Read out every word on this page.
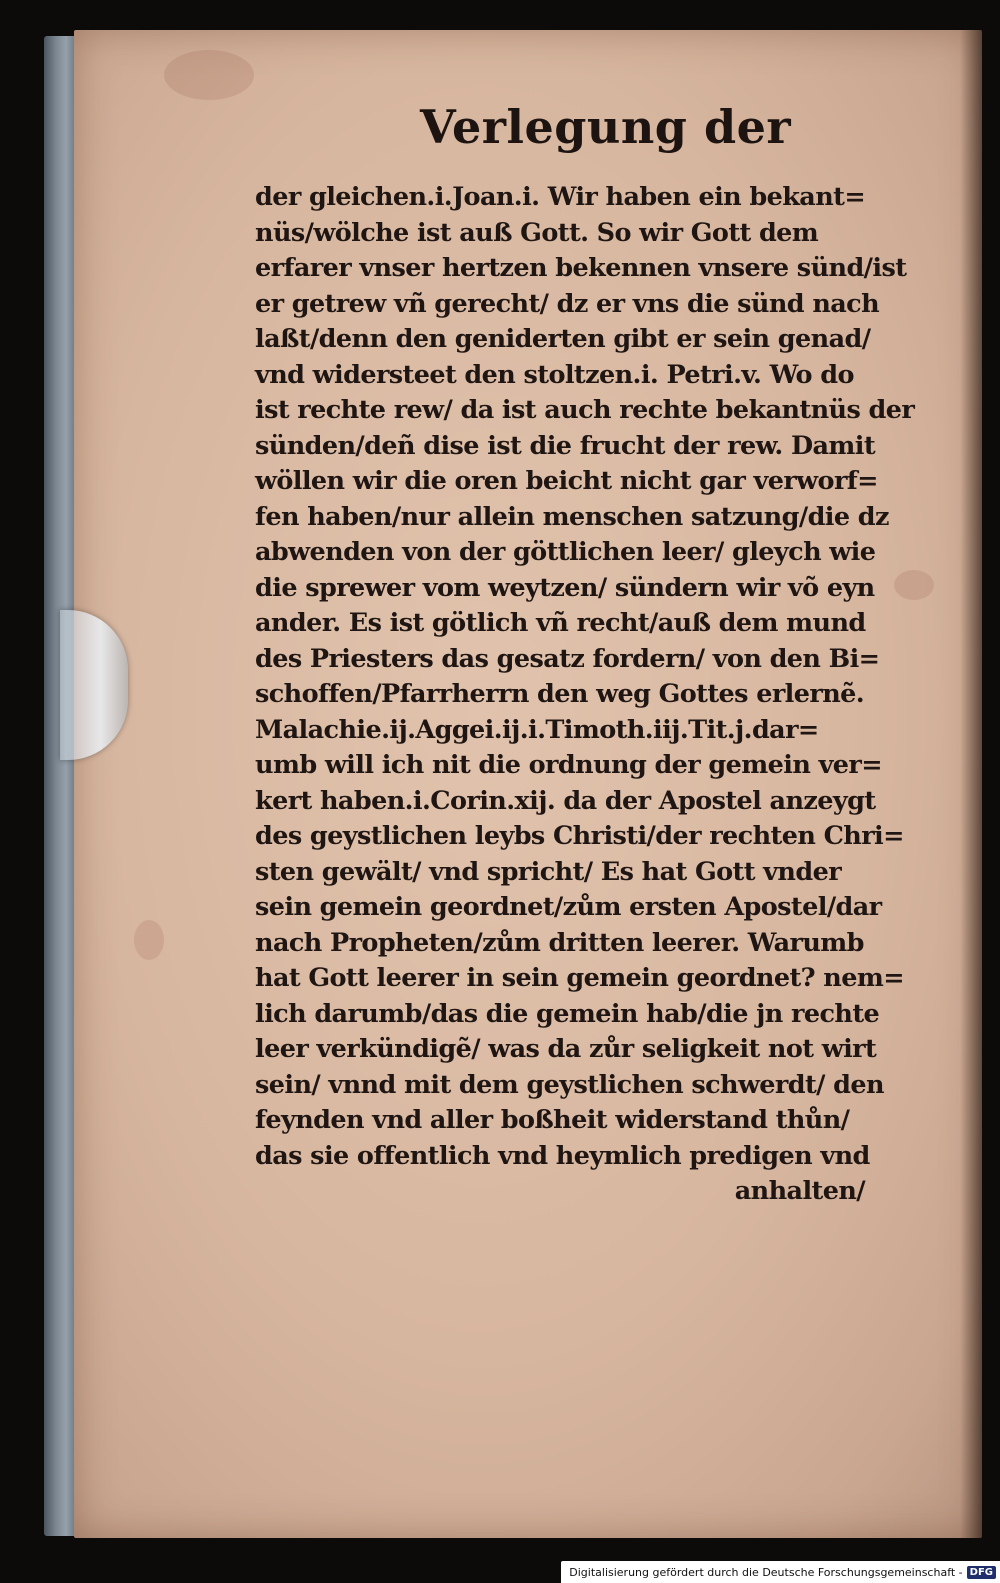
Verlegung der
der gleichen.i.Joan.i. Wir haben ein bekant=
nüs/wölche ist auß Gott. So wir Gott dem
erfarer vnser hertzen bekennen vnsere sünd/ist
er getrew vñ gerecht/ dz er vns die sünd nach
laßt/denn den geniderten gibt er sein genad/
vnd widersteet den stoltzen.i. Petri.v. Wo do
ist rechte rew/ da ist auch rechte bekantnüs der
sünden/deñ dise ist die frucht der rew. Damit
wöllen wir die oren beicht nicht gar verworf=
fen haben/nur allein menschen satzung/die dz
abwenden von der göttlichen leer/ gleych wie
die sprewer vom weytzen/ sündern wir võ eyn
ander. Es ist götlich vñ recht/auß dem mund
des Priesters das gesatz fordern/ von den Bi=
schoffen/Pfarrherrn den weg Gottes erlernẽ.
Malachie.ij.Aggei.ij.i.Timoth.iij.Tit.j.dar=
umb will ich nit die ordnung der gemein ver=
kert haben.i.Corin.xij. da der Apostel anzeygt
des geystlichen leybs Christi/der rechten Chri=
sten gewält/ vnd spricht/ Es hat Gott vnder
sein gemein geordnet/zům ersten Apostel/dar
nach Propheten/zům dritten leerer. Warumb
hat Gott leerer in sein gemein geordnet? nem=
lich darumb/das die gemein hab/die jn rechte
leer verkündigẽ/ was da zůr seligkeit not wirt
sein/ vnnd mit dem geystlichen schwerdt/ den
feynden vnd aller boßheit widerstand thůn/
das sie offentlich vnd heymlich predigen vnd
anhalten/
Digitalisierung gefördert durch die Deutsche Forschungsgemeinschaft - DFG
